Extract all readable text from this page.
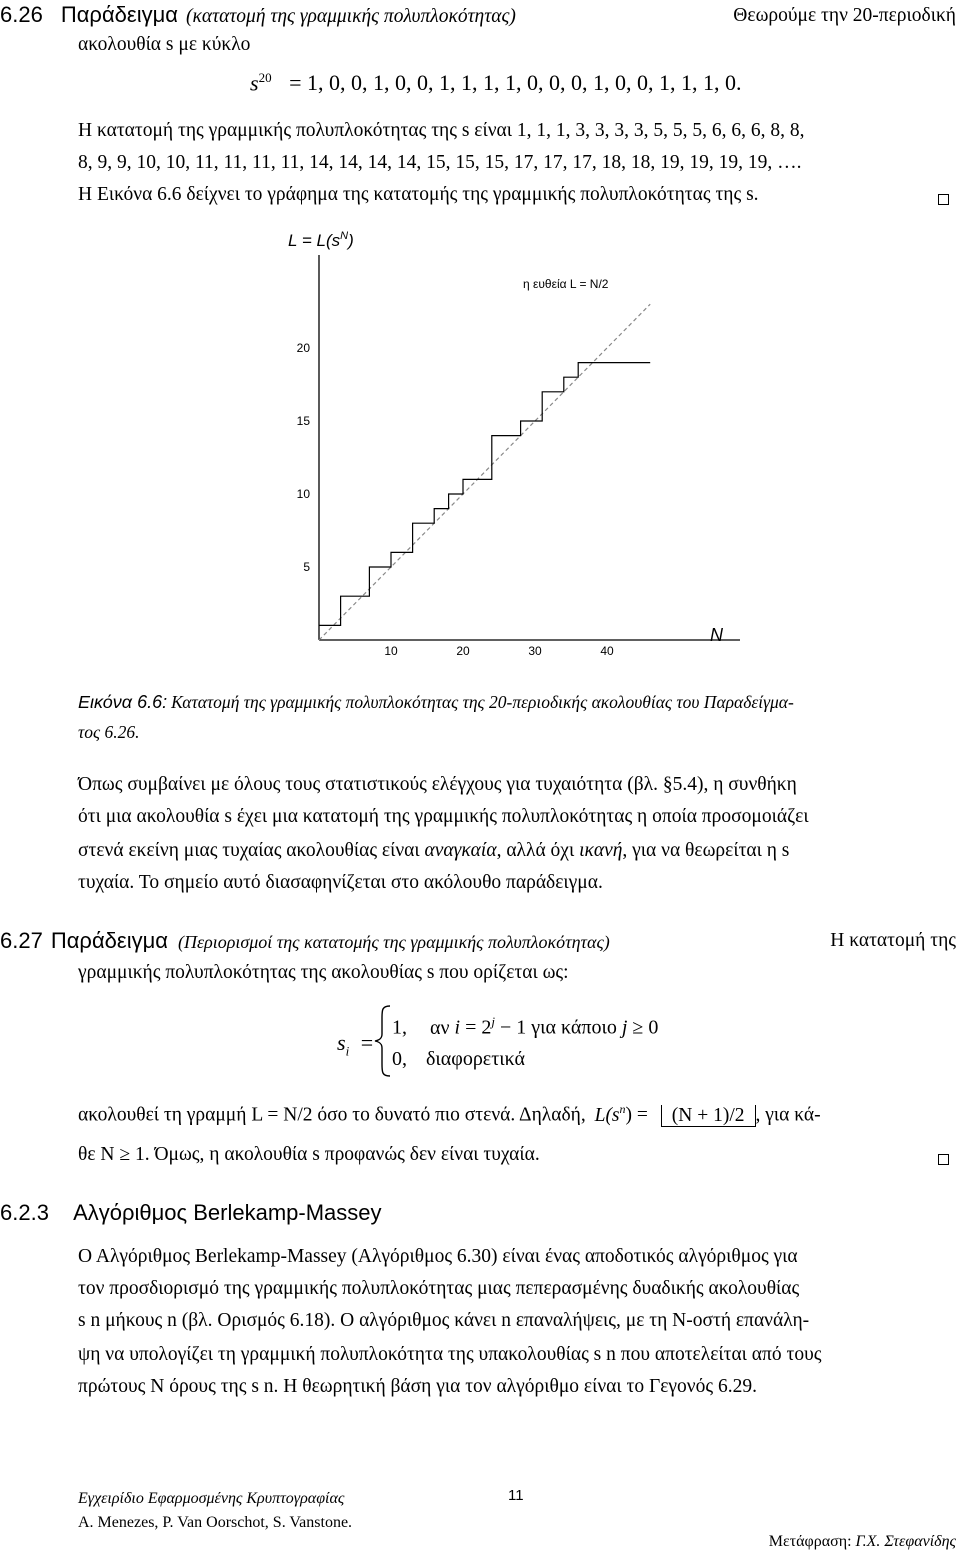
6.26 Παράδειγμα (κατατομή της γραμμικής πολυπλοκότητας)	Θεωρούμε την 20-περιοδική
ακολουθία s με κύκλο
$s^{20} = 1$, 0, 0, 1, 0, 0, 1, 1, 1, 1, 0, 0, 0, 1, 0, 0, 1, 1, 1, 0.
Η κατατομή της γραμμικής πολυπλοκότητας της s είναι 1, 1, 1, 3, 3, 3, 3, 5, 5, 5, 6, 6, 6, 8, 8,
8, 9, 9, 10, 10, 11, 11, 11, 11, 14, 14, 14, 14, 15, 15, 15, 17, 17, 17, 18, 18, 19, 19, 19, 19, ….
Η Εικόνα 6.6 δείχνει το γράφημα της κατατομής της γραμμικής πολυπλοκότητας της s.
$L = L(s^N)$
η ευθεία L = N/2
N
5
10
15
20
10	20	30	40
Εικόνα 6.6: Κατατομή της γραμμικής πολυπλοκότητας της 20-περιοδικής ακολουθίας του Παραδείγμα-
τος 6.26.
Όπως συμβαίνει με όλους τους στατιστικούς ελέγχους για τυχαιότητα (βλ. §5.4), η συνθήκη
ότι μια ακολουθία s έχει μια κατατομή της γραμμικής πολυπλοκότητας η οποία προσομοιάζει
στενά εκείνη μιας τυχαίας ακολουθίας είναι αναγκαία, αλλά όχι ικανή, για να θεωρείται η s
τυχαία. Το σημείο αυτό διασαφηνίζεται στο ακόλουθο παράδειγμα.
6.27 Παράδειγμα (Περιορισμοί της κατατομής της γραμμικής πολυπλοκότητας)	Η κατατομή της
γραμμικής πολυπλοκότητας της ακολουθίας s που ορίζεται ως:
$s_i$ =
1, αν $i = 2^j - 1$ για κάποιο j ≥ 0
0, διαφορετικά
ακολουθεί τη γραμμή L = N/2 όσο το δυνατό πιο στενά. Δηλαδή, $L(s^n) = (N + 1)/2$ , για κά-
θε N ≥ 1. Όμως, η ακολουθία s προφανώς δεν είναι τυχαία.
6.2.3 Αλγόριθμος Berlekamp-Massey
Ο Αλγόριθμος Berlekamp-Massey (Αλγόριθμος 6.30) είναι ένας αποδοτικός αλγόριθμος για
τον προσδιορισμό της γραμμικής πολυπλοκότητας μιας πεπερασμένης δυαδικής ακολουθίας
s n μήκους n (βλ. Ορισμός 6.18). Ο αλγόριθμος κάνει n επαναλήψεις, με τη N-οστή επανάλη-
ψη να υπολογίζει τη γραμμική πολυπλοκότητα της υπακολουθίας s n που αποτελείται από τους
πρώτους N όρους της s n. Η θεωρητική βάση για τον αλγόριθμο είναι το Γεγονός 6.29.
Εγχειρίδιο Εφαρμοσμένης Κρυπτογραφίας
A. Menezes, P. Van Oorschot, S. Vanstone.
11
Μετάφραση: Γ.Χ. Στεφανίδης
